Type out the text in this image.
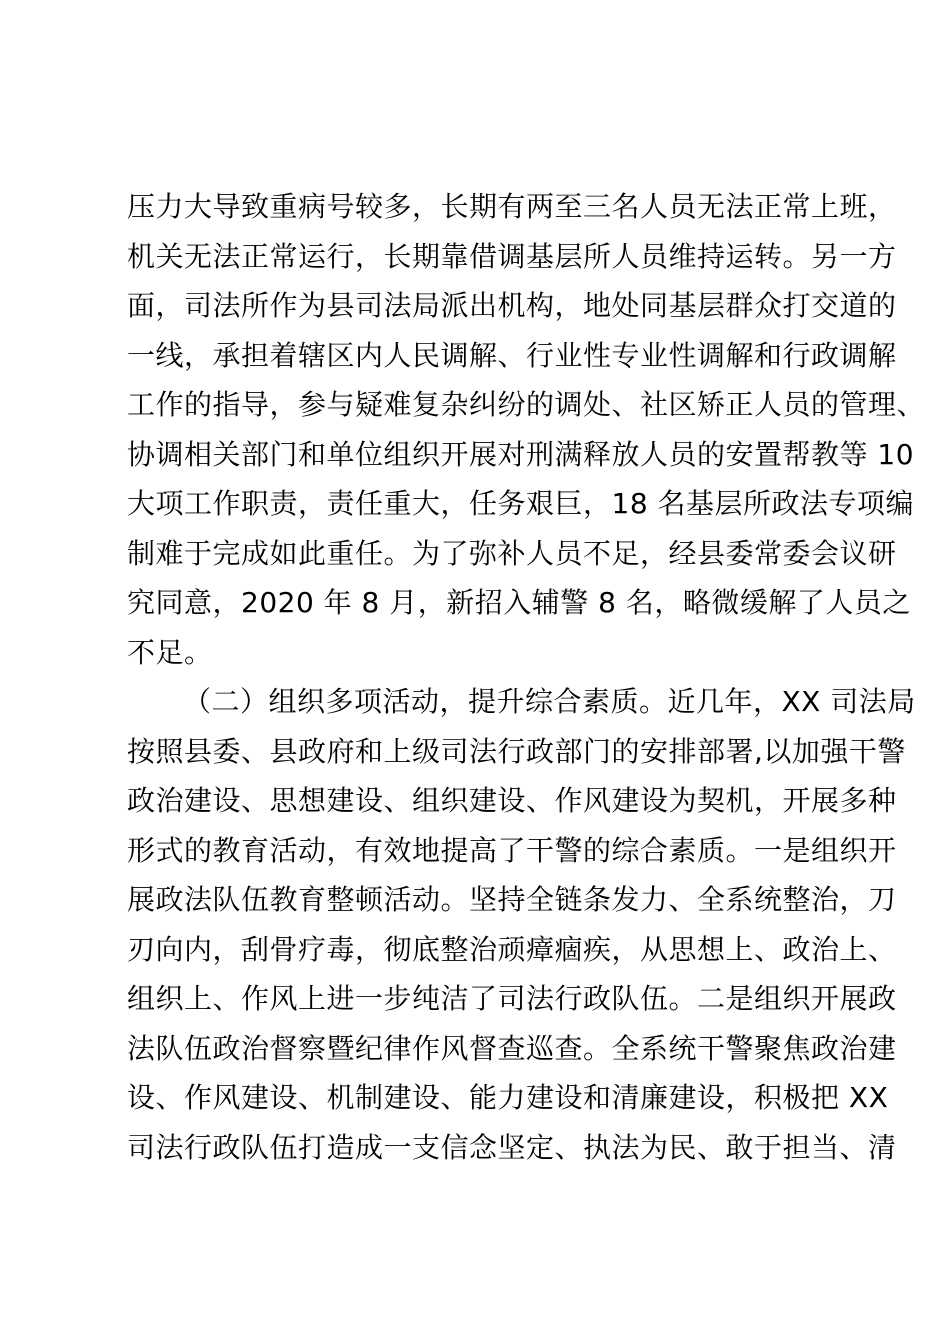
压力大导致重病号较多，长期有两至三名人员无法正常上班，
机关无法正常运行，长期靠借调基层所人员维持运转。另一方
面，司法所作为县司法局派出机构，地处同基层群众打交道的
一线，承担着辖区内人民调解、行业性专业性调解和行政调解
工作的指导，参与疑难复杂纠纷的调处、社区矫正人员的管理、
协调相关部门和单位组织开展对刑满释放人员的安置帮教等 10
大项工作职责，责任重大，任务艰巨，18 名基层所政法专项编
制难于完成如此重任。为了弥补人员不足，经县委常委会议研
究同意，2020 年 8 月，新招入辅警 8 名，略微缓解了人员之
不足。
（二）组织多项活动，提升综合素质。近几年，XX 司法局
按照县委、县政府和上级司法行政部门的安排部署,以加强干警
政治建设、思想建设、组织建设、作风建设为契机，开展多种
形式的教育活动，有效地提高了干警的综合素质。一是组织开
展政法队伍教育整顿活动。坚持全链条发力、全系统整治，刀
刃向内，刮骨疗毒，彻底整治顽瘴痼疾，从思想上、政治上、
组织上、作风上进一步纯洁了司法行政队伍。二是组织开展政
法队伍政治督察暨纪律作风督查巡查。全系统干警聚焦政治建
设、作风建设、机制建设、能力建设和清廉建设，积极把 XX
司法行政队伍打造成一支信念坚定、执法为民、敢于担当、清
